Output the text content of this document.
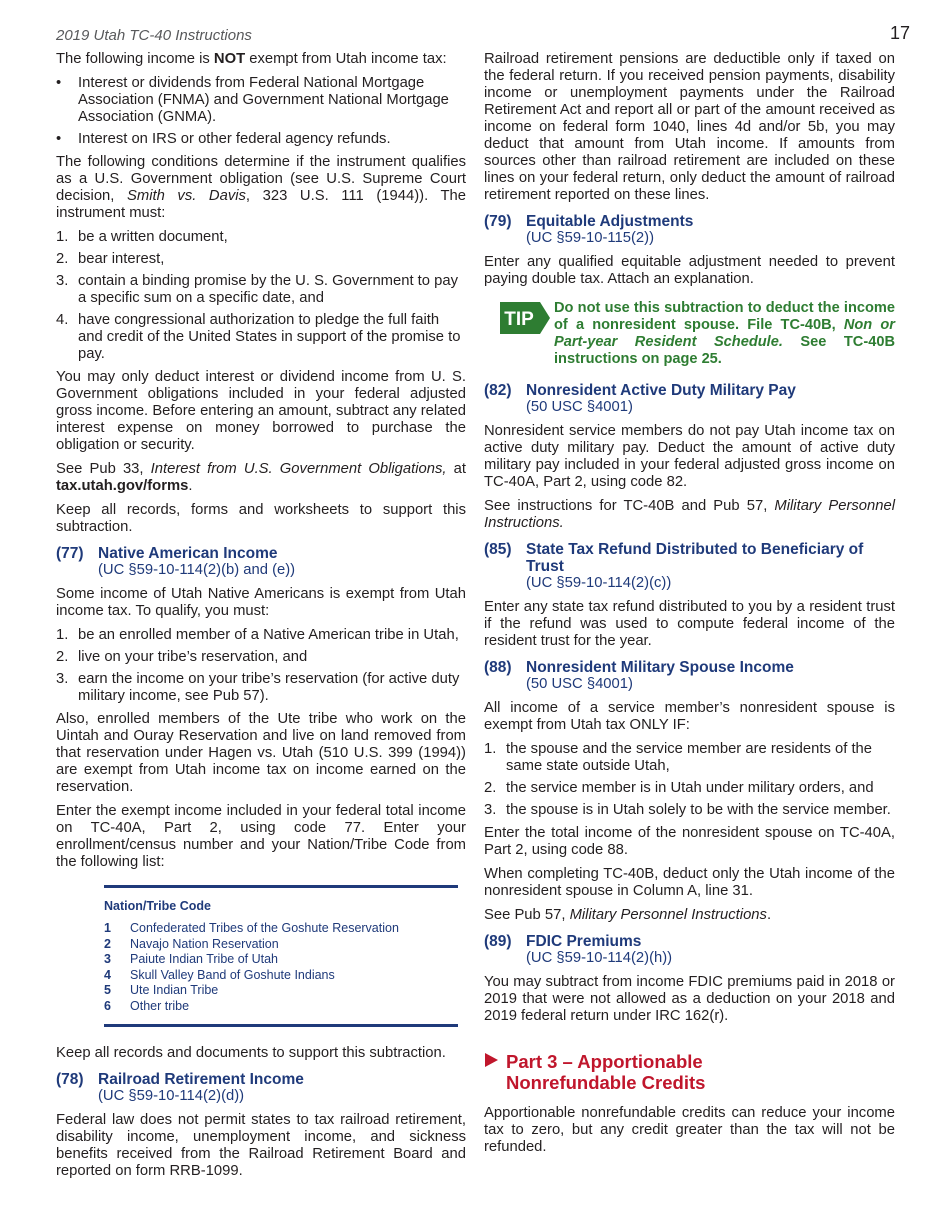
2019 Utah TC-40 Instructions	17

The following income is NOT exempt from Utah income tax:

• Interest or dividends from Federal National Mortgage Association (FNMA) and Government National Mortgage Association (GNMA).
• Interest on IRS or other federal agency refunds.

The following conditions determine if the instrument qualifies as a U.S. Government obligation (see U.S. Supreme Court decision, Smith vs. Davis, 323 U.S. 111 (1944)). The instrument must:

1. be a written document,
2. bear interest,
3. contain a binding promise by the U. S. Government to pay a specific sum on a specific date, and
4. have congressional authorization to pledge the full faith and credit of the United States in support of the promise to pay.

You may only deduct interest or dividend income from U. S. Government obligations included in your federal adjusted gross income. Before entering an amount, subtract any related interest expense on money borrowed to purchase the obligation or security.

See Pub 33, Interest from U.S. Government Obligations, at tax.utah.gov/forms.

Keep all records, forms and worksheets to support this subtraction.

(77) Native American Income
(UC §59-10-114(2)(b) and (e))

Some income of Utah Native Americans is exempt from Utah income tax. To qualify, you must:

1. be an enrolled member of a Native American tribe in Utah,
2. live on your tribe’s reservation, and
3. earn the income on your tribe’s reservation (for active duty military income, see Pub 57).

Also, enrolled members of the Ute tribe who work on the Uintah and Ouray Reservation and live on land removed from that reservation under Hagen vs. Utah (510 U.S. 399 (1994)) are exempt from Utah income tax on income earned on the reservation.

Enter the exempt income included in your federal total income on TC-40A, Part 2, using code 77. Enter your enrollment/census number and your Nation/Tribe Code from the following list:

Nation/Tribe Code
1	Confederated Tribes of the Goshute Reservation
2	Navajo Nation Reservation
3	Paiute Indian Tribe of Utah
4	Skull Valley Band of Goshute Indians
5	Ute Indian Tribe
6	Other tribe

Keep all records and documents to support this subtraction.

(78) Railroad Retirement Income
(UC §59-10-114(2)(d))

Federal law does not permit states to tax railroad retirement, disability income, unemployment income, and sickness benefits received from the Railroad Retirement Board and reported on form RRB-1099.

Railroad retirement pensions are deductible only if taxed on the federal return. If you received pension payments, disability income or unemployment payments under the Railroad Retirement Act and report all or part of the amount received as income on federal form 1040, lines 4d and/or 5b, you may deduct that amount from Utah income. If amounts from sources other than railroad retirement are included on these lines on your federal return, only deduct the amount of railroad retirement reported on these lines.

(79) Equitable Adjustments
(UC §59-10-115(2))

Enter any qualified equitable adjustment needed to prevent paying double tax. Attach an explanation.

TIP
Do not use this subtraction to deduct the income of a nonresident spouse. File TC-40B, Non or Part-year Resident Schedule. See TC-40B instructions on page 25.
(82) Nonresident Active Duty Military Pay
(50 USC §4001)

Nonresident service members do not pay Utah income tax on active duty military pay. Deduct the amount of active duty military pay included in your federal adjusted gross income on TC-40A, Part 2, using code 82.

See instructions for TC-40B and Pub 57, Military Personnel Instructions.

(85) State Tax Refund Distributed to Beneficiary of Trust
(UC §59-10-114(2)(c))

Enter any state tax refund distributed to you by a resident trust if the refund was used to compute federal income of the resident trust for the year.

(88) Nonresident Military Spouse Income
(50 USC §4001)

All income of a service member’s nonresident spouse is exempt from Utah tax ONLY IF:

1. the spouse and the service member are residents of the same state outside Utah,
2. the service member is in Utah under military orders, and
3. the spouse is in Utah solely to be with the service member.

Enter the total income of the nonresident spouse on TC-40A, Part 2, using code 88.

When completing TC-40B, deduct only the Utah income of the nonresident spouse in Column A, line 31.

See Pub 57, Military Personnel Instructions.

(89) FDIC Premiums
(UC §59-10-114(2)(h))

You may subtract from income FDIC premiums paid in 2018 or 2019 that were not allowed as a deduction on your 2018 and 2019 federal return under IRC 162(r).

Part 3 – Apportionable Nonrefundable Credits

Apportionable nonrefundable credits can reduce your income tax to zero, but any credit greater than the tax will not be refunded.
